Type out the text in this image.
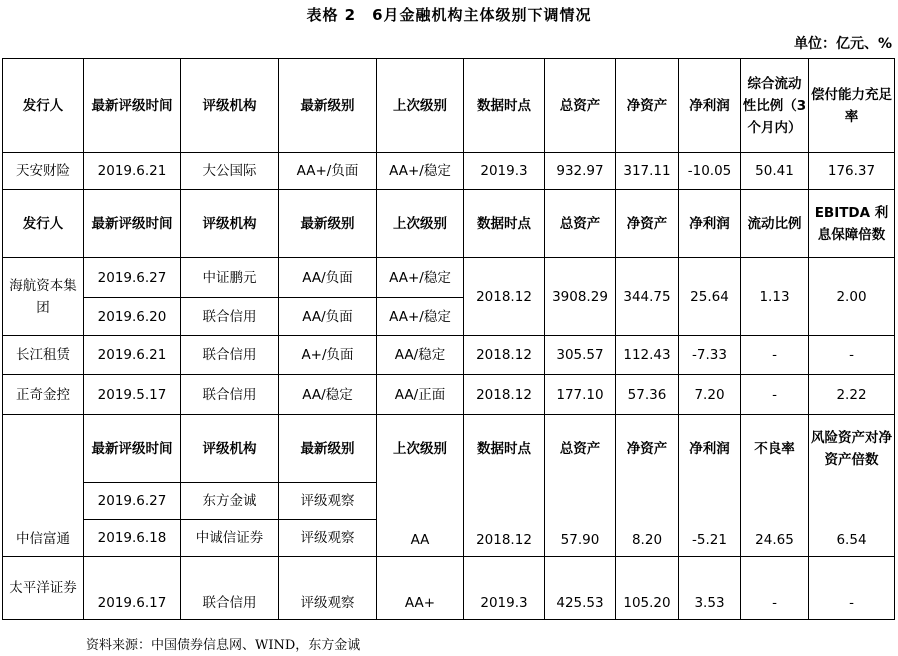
表格 2　6月金融机构主体级别下调情况
单位：亿元、%
发行人	最新评级时间	评级机构	最新级别	上次级别	数据时点	总资产	净资产	净利润	综合流动性比例（3个月内）	偿付能力充足率
天安财险	2019.6.21	大公国际	AA+/负面	AA+/稳定	2019.3	932.97	317.11	-10.05	50.41	176.37
发行人	最新评级时间	评级机构	最新级别	上次级别	数据时点	总资产	净资产	净利润	流动比例	EBITDA 利息保障倍数
海航资本集团	2019.6.27	中证鹏元	AA/负面	AA+/稳定	2018.12	3908.29	344.75	25.64	1.13	2.00
	2019.6.20	联合信用	AA/负面	AA+/稳定						
长江租赁	2019.6.21	联合信用	A+/负面	AA/稳定	2018.12	305.57	112.43	-7.33	-	-
正奇金控	2019.5.17	联合信用	AA/稳定	AA/正面	2018.12	177.10	57.36	7.20	-	2.22
中信富通	最新评级时间	评级机构	最新级别	上次级别	数据时点	总资产	净资产	净利润	不良率	风险资产对净资产倍数
	2019.6.27	东方金诚	评级观察	AA	2018.12	57.90	8.20	-5.21	24.65	6.54
	2019.6.18	中诚信证券	评级观察							
太平洋证券	2019.6.17	联合信用	评级观察	AA+	2019.3	425.53	105.20	3.53	-	-
资料来源：中国债券信息网、WIND，东方金诚
